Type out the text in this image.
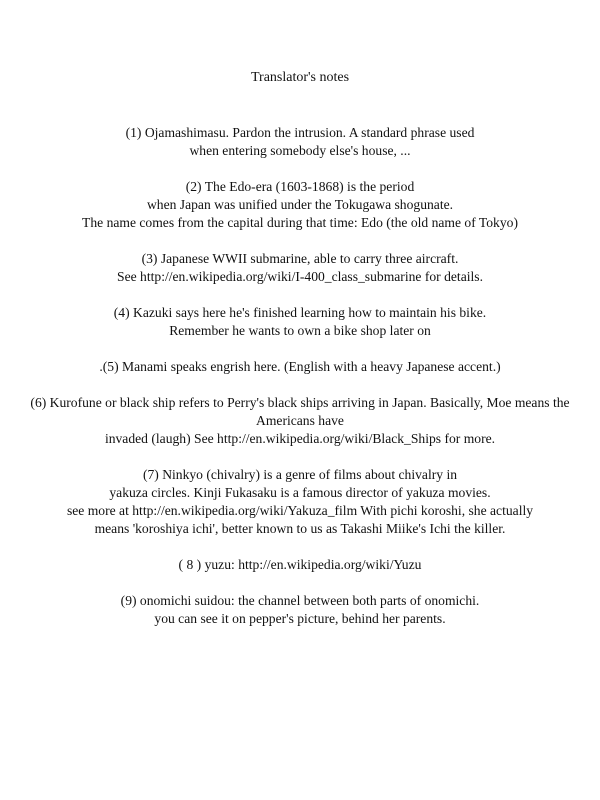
Translator's notes
(1) Ojamashimasu. Pardon the intrusion. A standard phrase used
when entering somebody else's house, ...
(2) The Edo-era (1603-1868) is the period
when Japan was unified under the Tokugawa shogunate.
The name comes from the capital during that time: Edo (the old name of Tokyo)
(3) Japanese WWII submarine, able to carry three aircraft.
See http://en.wikipedia.org/wiki/I-400_class_submarine for details.
(4) Kazuki says here he's finished learning how to maintain his bike.
Remember he wants to own a bike shop later on
.(5) Manami speaks engrish here. (English with a heavy Japanese accent.)
(6) Kurofune or black ship refers to Perry's black ships arriving in Japan. Basically, Moe means the Americans have
invaded (laugh) See http://en.wikipedia.org/wiki/Black_Ships for more.
(7) Ninkyo (chivalry) is a genre of films about chivalry in
yakuza circles. Kinji Fukasaku is a famous director of yakuza movies.
see more at http://en.wikipedia.org/wiki/Yakuza_film With pichi koroshi, she actually
means 'koroshiya ichi', better known to us as Takashi Miike's Ichi the killer.
( 8 ) yuzu: http://en.wikipedia.org/wiki/Yuzu
(9) onomichi suidou: the channel between both parts of onomichi.
you can see it on pepper's picture, behind her parents.
